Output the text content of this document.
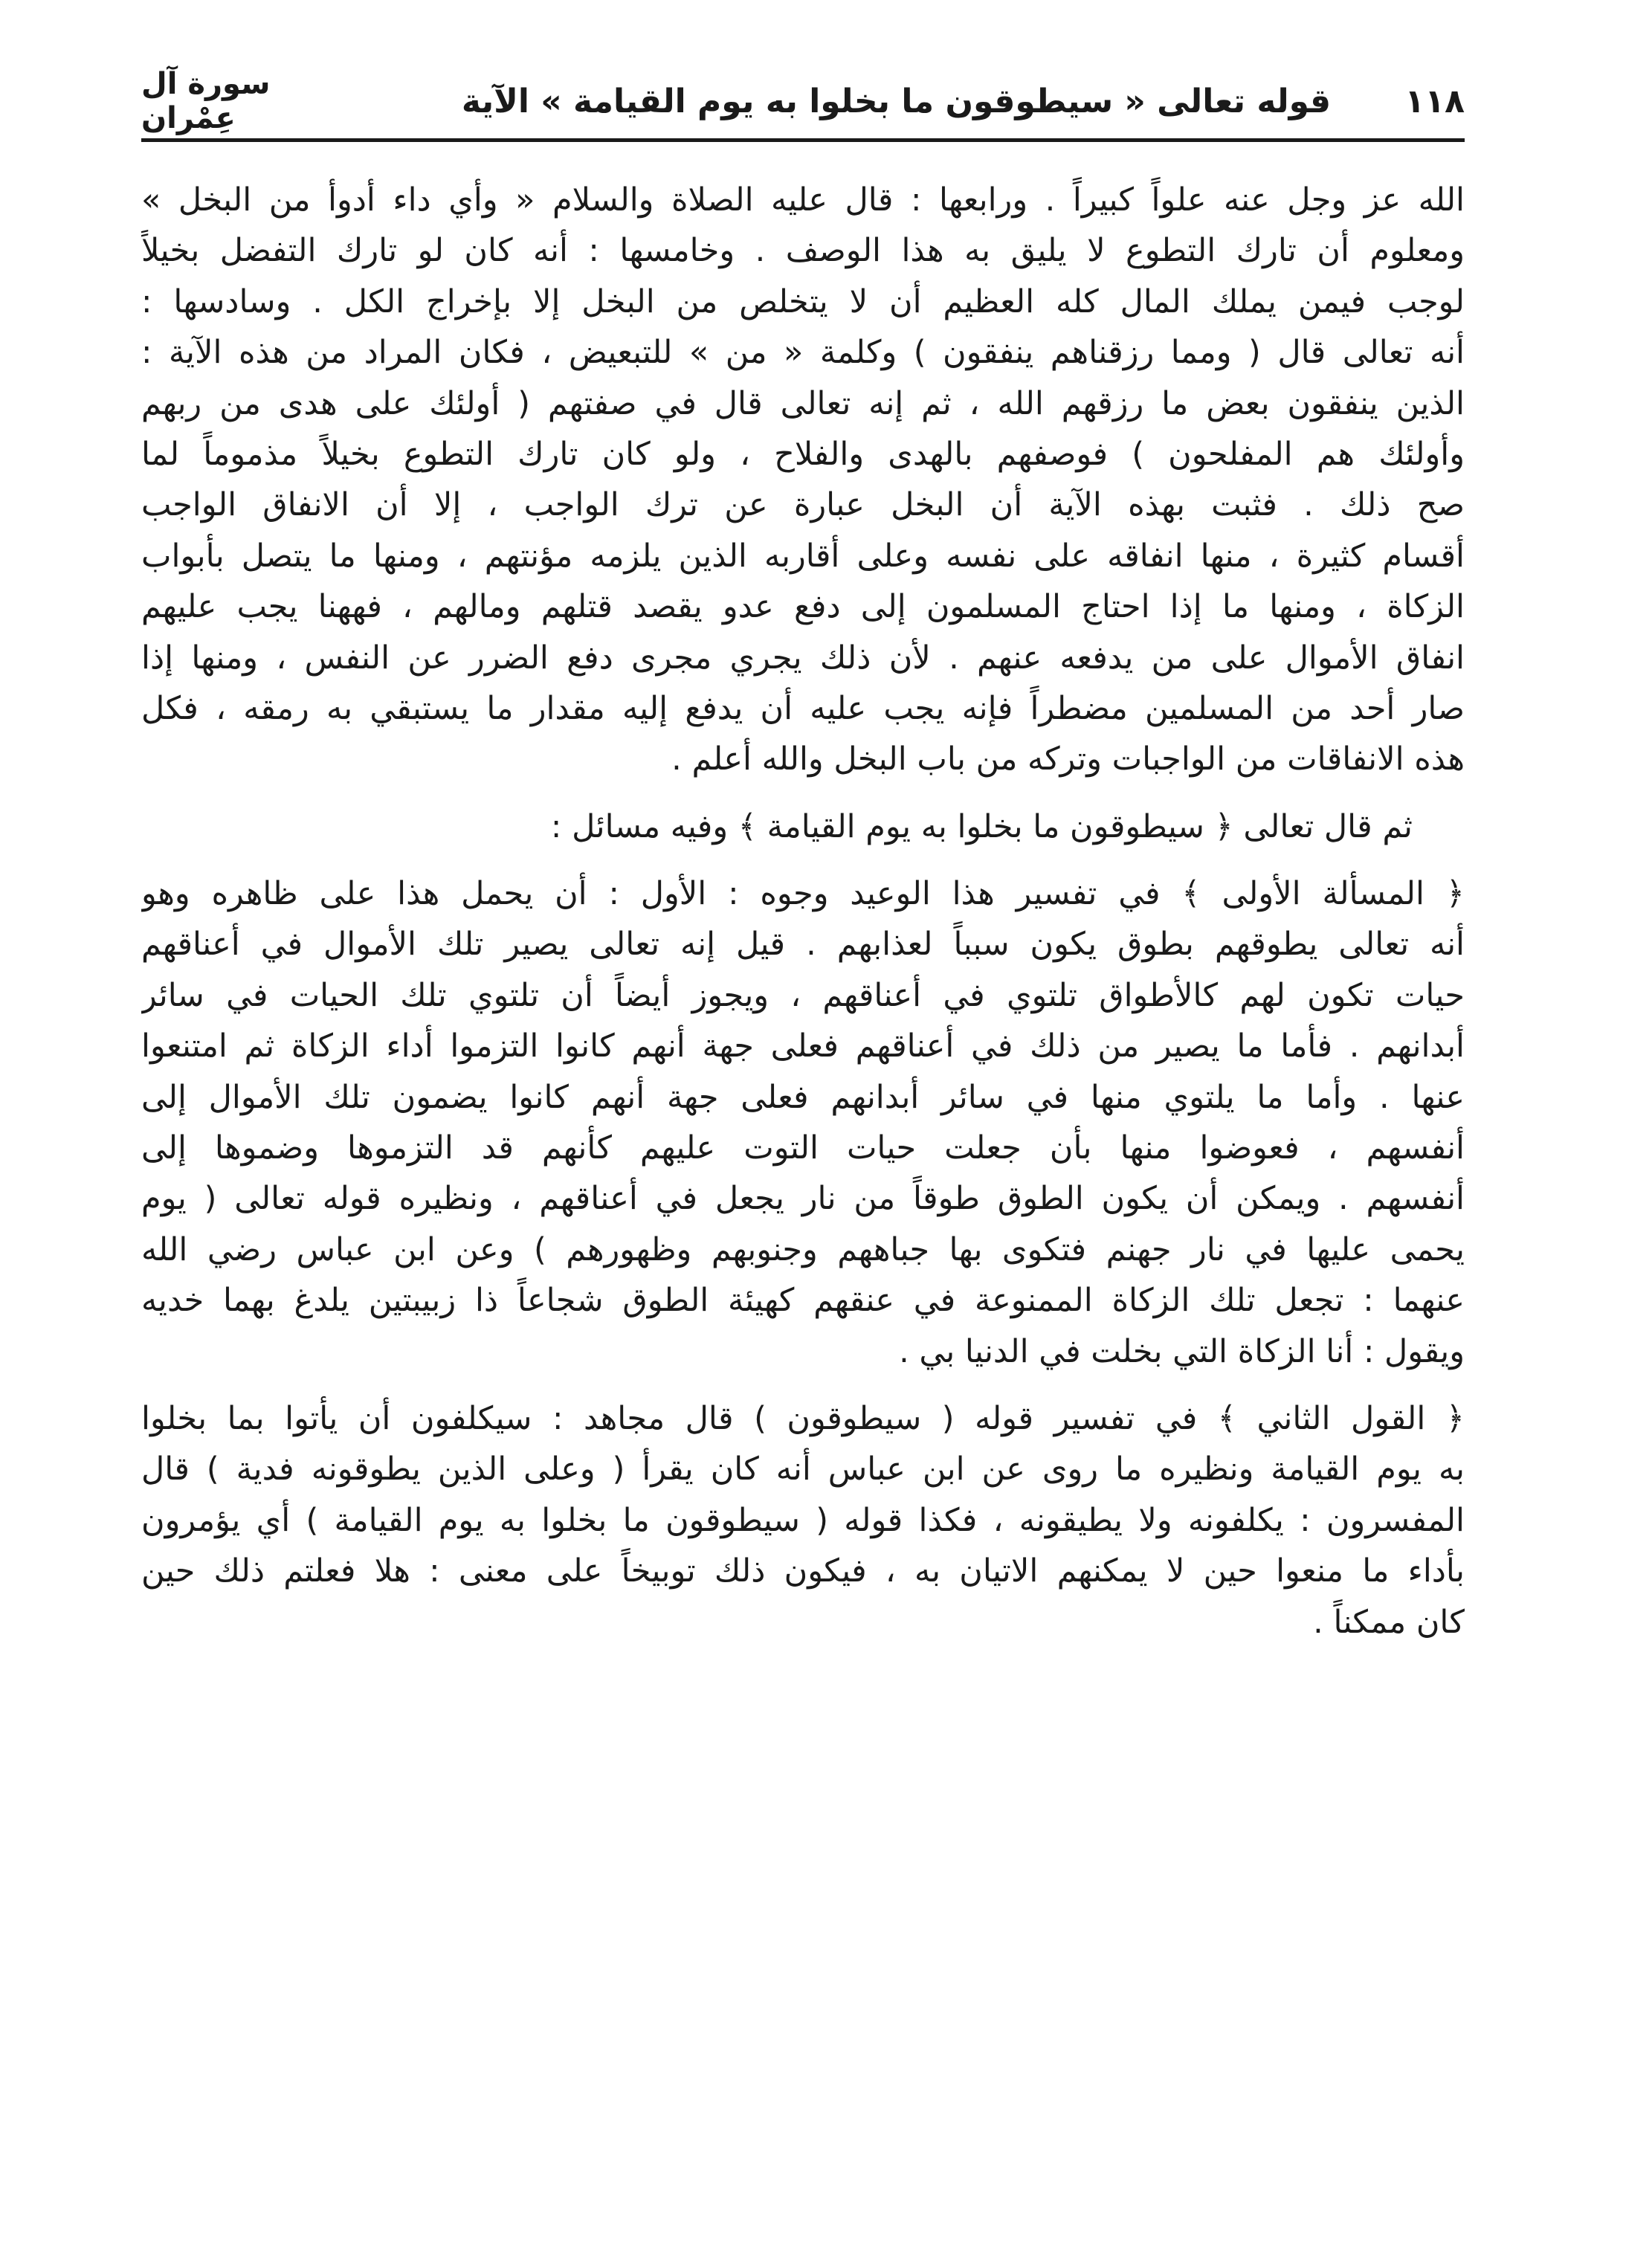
١١٨
قوله تعالى « سيطوقون ما بخلوا به يوم القيامة » الآية
سورة آل عِمْران
الله عز وجل عنه علواً كبيراً . ورابعها : قال عليه الصلاة والسلام « وأي داء أدوأ من البخل »
ومعلوم أن تارك التطوع لا يليق به هذا الوصف . وخامسها : أنه كان لو تارك التفضل بخيلاً
لوجب فيمن يملك المال كله العظيم أن لا يتخلص من البخل إلا بإخراج الكل . وسادسها :
أنه تعالى قال ( ومما رزقناهم ينفقون ) وكلمة « من » للتبعيض ، فكان المراد من هذه الآية :
الذين ينفقون بعض ما رزقهم الله ، ثم إنه تعالى قال في صفتهم ( أولئك على هدى من ربهم
وأولئك هم المفلحون ) فوصفهم بالهدى والفلاح ، ولو كان تارك التطوع بخيلاً مذموماً لما
صح ذلك . فثبت بهذه الآية أن البخل عبارة عن ترك الواجب ، إلا أن الانفاق الواجب
أقسام كثيرة ، منها انفاقه على نفسه وعلى أقاربه الذين يلزمه مؤنتهم ، ومنها ما يتصل بأبواب
الزكاة ، ومنها ما إذا احتاج المسلمون إلى دفع عدو يقصد قتلهم ومالهم ، فههنا يجب عليهم
انفاق الأموال على من يدفعه عنهم . لأن ذلك يجري مجرى دفع الضرر عن النفس ، ومنها إذا
صار أحد من المسلمين مضطراً فإنه يجب عليه أن يدفع إليه مقدار ما يستبقي به رمقه ، فكل
هذه الانفاقات من الواجبات وتركه من باب البخل والله أعلم .
ثم قال تعالى ﴿ سيطوقون ما بخلوا به يوم القيامة ﴾ وفيه مسائل :
﴿ المسألة الأولى ﴾ في تفسير هذا الوعيد وجوه : الأول : أن يحمل هذا على ظاهره وهو
أنه تعالى يطوقهم بطوق يكون سبباً لعذابهم . قيل إنه تعالى يصير تلك الأموال في أعناقهم
حيات تكون لهم كالأطواق تلتوي في أعناقهم ، ويجوز أيضاً أن تلتوي تلك الحيات في سائر
أبدانهم . فأما ما يصير من ذلك في أعناقهم فعلى جهة أنهم كانوا التزموا أداء الزكاة ثم امتنعوا
عنها . وأما ما يلتوي منها في سائر أبدانهم فعلى جهة أنهم كانوا يضمون تلك الأموال إلى
أنفسهم ، فعوضوا منها بأن جعلت حيات التوت عليهم كأنهم قد التزموها وضموها إلى
أنفسهم . ويمكن أن يكون الطوق طوقاً من نار يجعل في أعناقهم ، ونظيره قوله تعالى ( يوم
يحمى عليها في نار جهنم فتكوى بها جباههم وجنوبهم وظهورهم ) وعن ابن عباس رضي الله
عنهما : تجعل تلك الزكاة الممنوعة في عنقهم كهيئة الطوق شجاعاً ذا زبيبتين يلدغ بهما خديه
ويقول : أنا الزكاة التي بخلت في الدنيا بي .
﴿ القول الثاني ﴾ في تفسير قوله ( سيطوقون ) قال مجاهد : سيكلفون أن يأتوا بما بخلوا
به يوم القيامة ونظيره ما روى عن ابن عباس أنه كان يقرأ ( وعلى الذين يطوقونه فدية ) قال
المفسرون : يكلفونه ولا يطيقونه ، فكذا قوله ( سيطوقون ما بخلوا به يوم القيامة ) أي يؤمرون
بأداء ما منعوا حين لا يمكنهم الاتيان به ، فيكون ذلك توبيخاً على معنى : هلا فعلتم ذلك حين
كان ممكناً .
